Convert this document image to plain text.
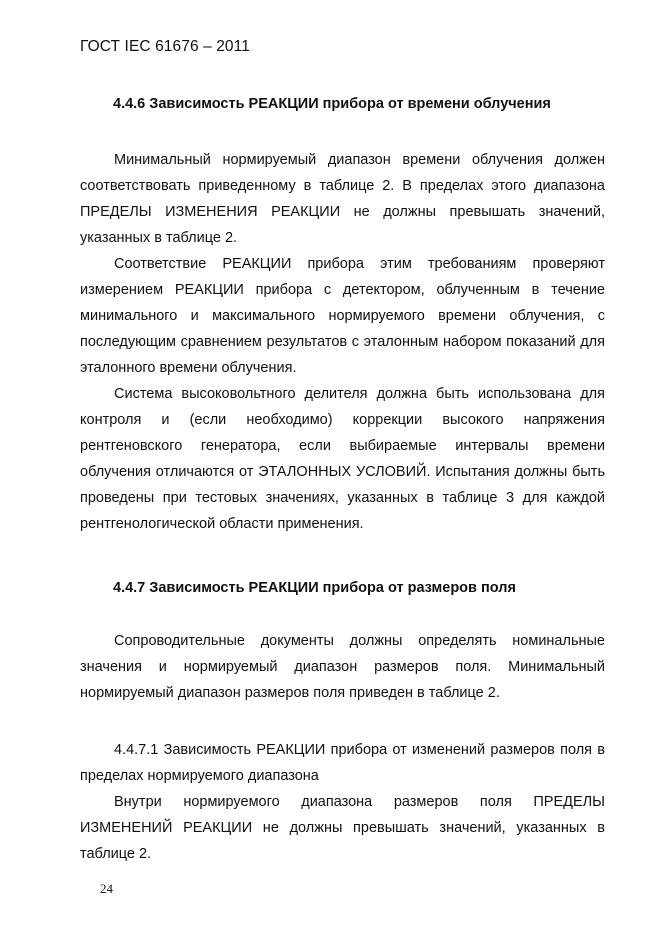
ГОСТ IEC 61676 – 2011
4.4.6 Зависимость РЕАКЦИИ прибора от времени облучения

Минимальный нормируемый диапазон времени облучения должен соответствовать приведенному в таблице 2. В пределах этого диапазона ПРЕДЕЛЫ ИЗМЕНЕНИЯ РЕАКЦИИ не должны превышать значений, указанных в таблице 2.

Соответствие РЕАКЦИИ прибора этим требованиям проверяют измерением РЕАКЦИИ прибора с детектором, облученным в течение минимального и максимального нормируемого времени облучения, с последующим сравнением результатов с эталонным набором показаний для эталонного времени облучения.

Система высоковольтного делителя должна быть использована для контроля и (если необходимо) коррекции высокого напряжения рентгеновского генератора, если выбираемые интервалы времени облучения отличаются от ЭТАЛОННЫХ УСЛОВИЙ. Испытания должны быть проведены при тестовых значениях, указанных в таблице 3 для каждой рентгенологической области применения.

4.4.7 Зависимость РЕАКЦИИ прибора от размеров поля

Сопроводительные документы должны определять номинальные значения и нормируемый диапазон размеров поля. Минимальный нормируемый диапазон размеров поля приведен в таблице 2.

4.4.7.1 Зависимость РЕАКЦИИ прибора от изменений размеров поля в пределах нормируемого диапазона

Внутри нормируемого диапазона размеров поля ПРЕДЕЛЫ ИЗМЕНЕНИЙ РЕАКЦИИ не должны превышать значений, указанных в таблице 2.

24
